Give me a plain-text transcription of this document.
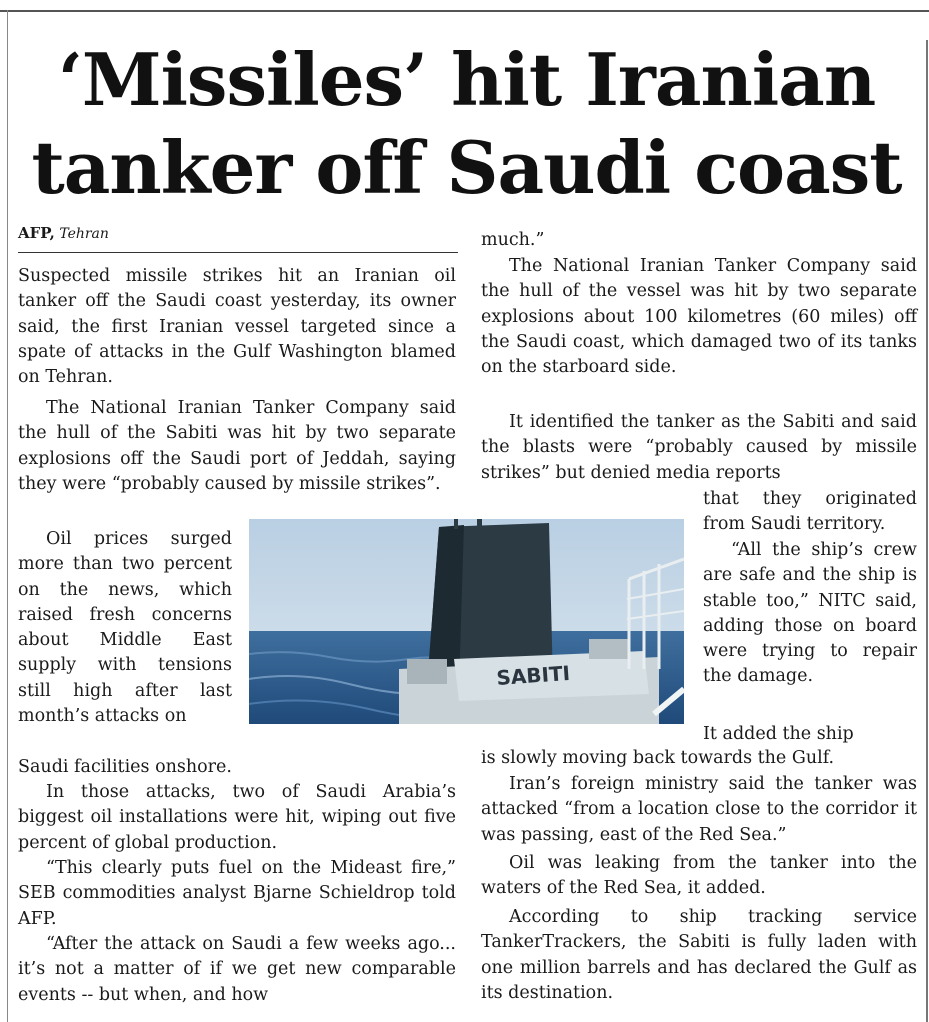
‘Missiles’ hit Iranian tanker off Saudi coast
AFP, Tehran

Suspected missile strikes hit an Iranian oil tanker off the Saudi coast yesterday, its owner said, the first Iranian vessel targeted since a spate of attacks in the Gulf Washington blamed on Tehran.

The National Iranian Tanker Company said the hull of the Sabiti was hit by two separate explosions off the Saudi port of Jeddah, saying they were “probably caused by missile strikes”.

Oil prices surged more than two percent on the news, which raised fresh concerns about Middle East supply with tensions still high after last month’s attacks on

Saudi facilities onshore.

In those attacks, two of Saudi Arabia’s biggest oil installations were hit, wiping out five percent of global production.

“This clearly puts fuel on the Mideast fire,” SEB commodities analyst Bjarne Schieldrop told AFP.

“After the attack on Saudi a few weeks ago... it’s not a matter of if we get new comparable events -- but when, and how

much.”

The National Iranian Tanker Company said the hull of the vessel was hit by two separate explosions about 100 kilometres (60 miles) off the Saudi coast, which damaged two of its tanks on the starboard side.

It identified the tanker as the Sabiti and said the blasts were “probably caused by missile strikes” but denied media reports

that they originated from Saudi territory.

“All the ship’s crew are safe and the ship is stable too,” NITC said, adding those on board were trying to repair the damage.

It added the ship

is slowly moving back towards the Gulf.

Iran’s foreign ministry said the tanker was attacked “from a location close to the corridor it was passing, east of the Red Sea.”

Oil was leaking from the tanker into the waters of the Red Sea, it added.

According to ship tracking service TankerTrackers, the Sabiti is fully laden with one million barrels and has declared the Gulf as its destination.

SABITI
